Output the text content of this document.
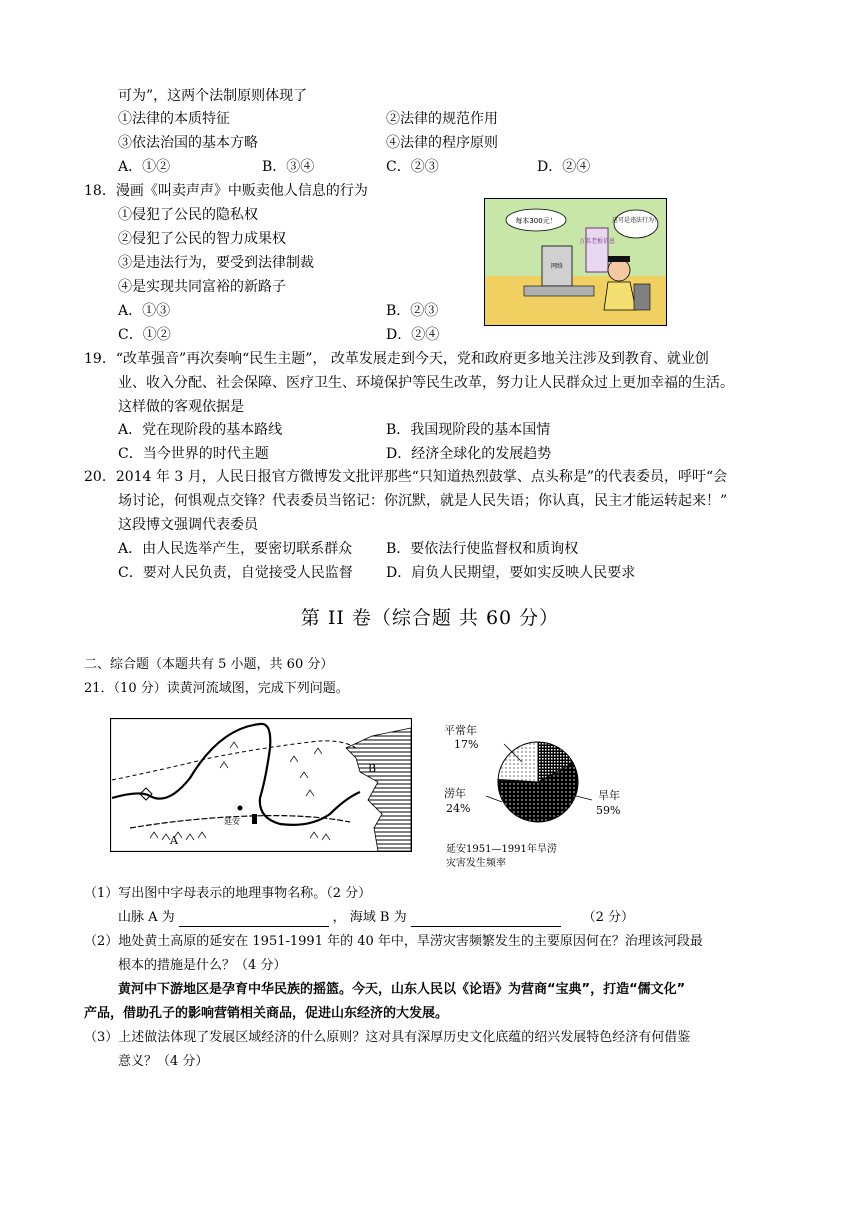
可为”，这两个法制原则体现了
①法律的本质特征	②法律的规范作用
③依法治国的基本方略	④法律的程序原则
A．①②	B．③④	C．②③	D．②④
18．漫画《叫卖声声》中贩卖他人信息的行为
①侵犯了公民的隐私权
②侵犯了公民的智力成果权
③是违法行为，要受到法律制裁
④是实现共同富裕的新路子
A．①③	B．②③
C．①②	D．②④
每本300元！	这可是违法行为！
万名老板信息
网络
19．“改革强音”再次奏响“民生主题”， 改革发展走到今天，党和政府更多地关注涉及到教育、就业创
业、收入分配、社会保障、医疗卫生、环境保护等民生改革，努力让人民群众过上更加幸福的生活。
这样做的客观依据是
A．党在现阶段的基本路线	B．我国现阶段的基本国情
C．当今世界的时代主题	D．经济全球化的发展趋势
20．2014 年 3 月，人民日报官方微博发文批评那些“只知道热烈鼓掌、点头称是”的代表委员，呼吁“会
场讨论，何惧观点交锋？代表委员当铭记：你沉默，就是人民失语；你认真，民主才能运转起来！”
这段博文强调代表委员
A．由人民选举产生，要密切联系群众 B．要依法行使监督权和质询权
C．要对人民负责，自觉接受人民监督 D．肩负人民期望，要如实反映人民要求
第 II 卷（综合题 共 60 分）
二、综合题（本题共有 5 小题，共 60 分）
21．（10 分）读黄河流域图，完成下列问题。
B
延安
A
平常年
17%
涝年
24%
旱年
59%
延安1951—1991年旱涝
灾害发生频率
（1）写出图中字母表示的地理事物名称。（2 分）
山脉 A 为	， 海域 B 为	（2 分）
（2）地处黄土高原的延安在 1951-1991 年的 40 年中，旱涝灾害频繁发生的主要原因何在？治理该河段最
根本的措施是什么？（4 分）
黄河中下游地区是孕育中华民族的摇篮。今天，山东人民以《论语》为营商“宝典”，打造“儒文化”
产品，借助孔子的影响营销相关商品，促进山东经济的大发展。
（3）上述做法体现了发展区域经济的什么原则？这对具有深厚历史文化底蕴的绍兴发展特色经济有何借鉴
意义？（4 分）
